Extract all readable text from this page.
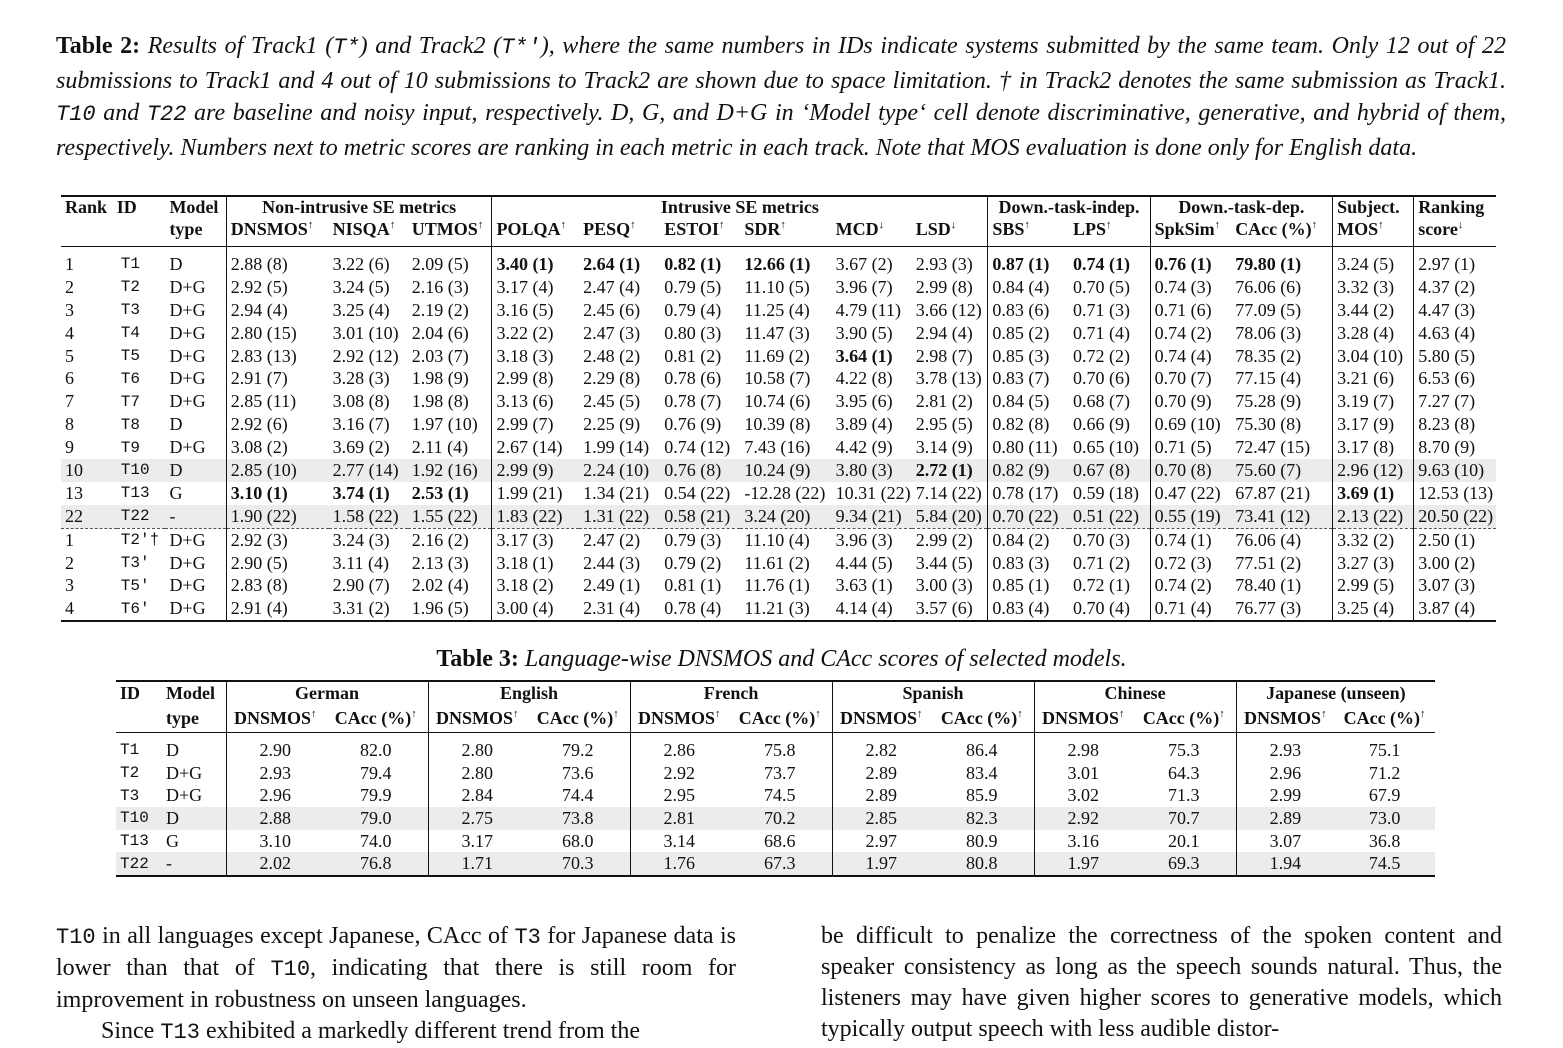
Table 2: Results of Track1 (T*) and Track2 (T*'), where the same numbers in IDs indicate systems submitted by the same team. Only 12 out of 22 submissions to Track1 and 4 out of 10 submissions to Track2 are shown due to space limitation. † in Track2 denotes the same submission as Track1. T10 and T22 are baseline and noisy input, respectively. D, G, and D+G in ‘Model type‘ cell denote discriminative, generative, and hybrid of them, respectively. Numbers next to metric scores are ranking in each metric in each track. Note that MOS evaluation is done only for English data.
Rank	ID	Model	Non-intrusive SE metrics			Intrusive SE metrics						Down.-task-indep.		Down.-task-dep.		Subject.	Ranking
		type	DNSMOS↑	NISQA↑	UTMOS↑	POLQA↑	PESQ↑	ESTOI↑	SDR↑	MCD↓	LSD↓	SBS↑	LPS↑	SpkSim↑	CAcc (%)↑	MOS↑	score↓
1	T1	D	2.88 (8)	3.22 (6)	2.09 (5)	3.40 (1)	2.64 (1)	0.82 (1)	12.66 (1)	3.67 (2)	2.93 (3)	0.87 (1)	0.74 (1)	0.76 (1)	79.80 (1)	3.24 (5)	2.97 (1)
2	T2	D+G	2.92 (5)	3.24 (5)	2.16 (3)	3.17 (4)	2.47 (4)	0.79 (5)	11.10 (5)	3.96 (7)	2.99 (8)	0.84 (4)	0.70 (5)	0.74 (3)	76.06 (6)	3.32 (3)	4.37 (2)
3	T3	D+G	2.94 (4)	3.25 (4)	2.19 (2)	3.16 (5)	2.45 (6)	0.79 (4)	11.25 (4)	4.79 (11)	3.66 (12)	0.83 (6)	0.71 (3)	0.71 (6)	77.09 (5)	3.44 (2)	4.47 (3)
4	T4	D+G	2.80 (15)	3.01 (10)	2.04 (6)	3.22 (2)	2.47 (3)	0.80 (3)	11.47 (3)	3.90 (5)	2.94 (4)	0.85 (2)	0.71 (4)	0.74 (2)	78.06 (3)	3.28 (4)	4.63 (4)
5	T5	D+G	2.83 (13)	2.92 (12)	2.03 (7)	3.18 (3)	2.48 (2)	0.81 (2)	11.69 (2)	3.64 (1)	2.98 (7)	0.85 (3)	0.72 (2)	0.74 (4)	78.35 (2)	3.04 (10)	5.80 (5)
6	T6	D+G	2.91 (7)	3.28 (3)	1.98 (9)	2.99 (8)	2.29 (8)	0.78 (6)	10.58 (7)	4.22 (8)	3.78 (13)	0.83 (7)	0.70 (6)	0.70 (7)	77.15 (4)	3.21 (6)	6.53 (6)
7	T7	D+G	2.85 (11)	3.08 (8)	1.98 (8)	3.13 (6)	2.45 (5)	0.78 (7)	10.74 (6)	3.95 (6)	2.81 (2)	0.84 (5)	0.68 (7)	0.70 (9)	75.28 (9)	3.19 (7)	7.27 (7)
8	T8	D	2.92 (6)	3.16 (7)	1.97 (10)	2.99 (7)	2.25 (9)	0.76 (9)	10.39 (8)	3.89 (4)	2.95 (5)	0.82 (8)	0.66 (9)	0.69 (10)	75.30 (8)	3.17 (9)	8.23 (8)
9	T9	D+G	3.08 (2)	3.69 (2)	2.11 (4)	2.67 (14)	1.99 (14)	0.74 (12)	7.43 (16)	4.42 (9)	3.14 (9)	0.80 (11)	0.65 (10)	0.71 (5)	72.47 (15)	3.17 (8)	8.70 (9)
10	T10	D	2.85 (10)	2.77 (14)	1.92 (16)	2.99 (9)	2.24 (10)	0.76 (8)	10.24 (9)	3.80 (3)	2.72 (1)	0.82 (9)	0.67 (8)	0.70 (8)	75.60 (7)	2.96 (12)	9.63 (10)
13	T13	G	3.10 (1)	3.74 (1)	2.53 (1)	1.99 (21)	1.34 (21)	0.54 (22)	-12.28 (22)	10.31 (22)	7.14 (22)	0.78 (17)	0.59 (18)	0.47 (22)	67.87 (21)	3.69 (1)	12.53 (13)
22	T22	-	1.90 (22)	1.58 (22)	1.55 (22)	1.83 (22)	1.31 (22)	0.58 (21)	3.24 (20)	9.34 (21)	5.84 (20)	0.70 (22)	0.51 (22)	0.55 (19)	73.41 (12)	2.13 (22)	20.50 (22)
1	T2'†	D+G	2.92 (3)	3.24 (3)	2.16 (2)	3.17 (3)	2.47 (2)	0.79 (3)	11.10 (4)	3.96 (3)	2.99 (2)	0.84 (2)	0.70 (3)	0.74 (1)	76.06 (4)	3.32 (2)	2.50 (1)
2	T3'	D+G	2.90 (5)	3.11 (4)	2.13 (3)	3.18 (1)	2.44 (3)	0.79 (2)	11.61 (2)	4.44 (5)	3.44 (5)	0.83 (3)	0.71 (2)	0.72 (3)	77.51 (2)	3.27 (3)	3.00 (2)
3	T5'	D+G	2.83 (8)	2.90 (7)	2.02 (4)	3.18 (2)	2.49 (1)	0.81 (1)	11.76 (1)	3.63 (1)	3.00 (3)	0.85 (1)	0.72 (1)	0.74 (2)	78.40 (1)	2.99 (5)	3.07 (3)
4	T6'	D+G	2.91 (4)	3.31 (2)	1.96 (5)	3.00 (4)	2.31 (4)	0.78 (4)	11.21 (3)	4.14 (4)	3.57 (6)	0.83 (4)	0.70 (4)	0.71 (4)	76.77 (3)	3.25 (4)	3.87 (4)
Table 3: Language-wise DNSMOS and CAcc scores of selected models.
ID	Model	German		English		French		Spanish		Chinese		Japanese (unseen)	
	type	DNSMOS↑	CAcc (%)↑	DNSMOS↑	CAcc (%)↑	DNSMOS↑	CAcc (%)↑	DNSMOS↑	CAcc (%)↑	DNSMOS↑	CAcc (%)↑	DNSMOS↑	CAcc (%)↑
T1	D	2.90	82.0	2.80	79.2	2.86	75.8	2.82	86.4	2.98	75.3	2.93	75.1
T2	D+G	2.93	79.4	2.80	73.6	2.92	73.7	2.89	83.4	3.01	64.3	2.96	71.2
T3	D+G	2.96	79.9	2.84	74.4	2.95	74.5	2.89	85.9	3.02	71.3	2.99	67.9
T10	D	2.88	79.0	2.75	73.8	2.81	70.2	2.85	82.3	2.92	70.7	2.89	73.0
T13	G	3.10	74.0	3.17	68.0	3.14	68.6	2.97	80.9	3.16	20.1	3.07	36.8
T22	-	2.02	76.8	1.71	70.3	1.76	67.3	1.97	80.8	1.97	69.3	1.94	74.5
T10 in all languages except Japanese, CAcc of T3 for Japanese data is lower than that of T10, indicating that there is still room for improvement in robustness on unseen languages.
Since T13 exhibited a markedly different trend from the
be difficult to penalize the correctness of the spoken content and speaker consistency as long as the speech sounds natural. Thus, the listeners may have given higher scores to generative models, which typically output speech with less audible distor-
